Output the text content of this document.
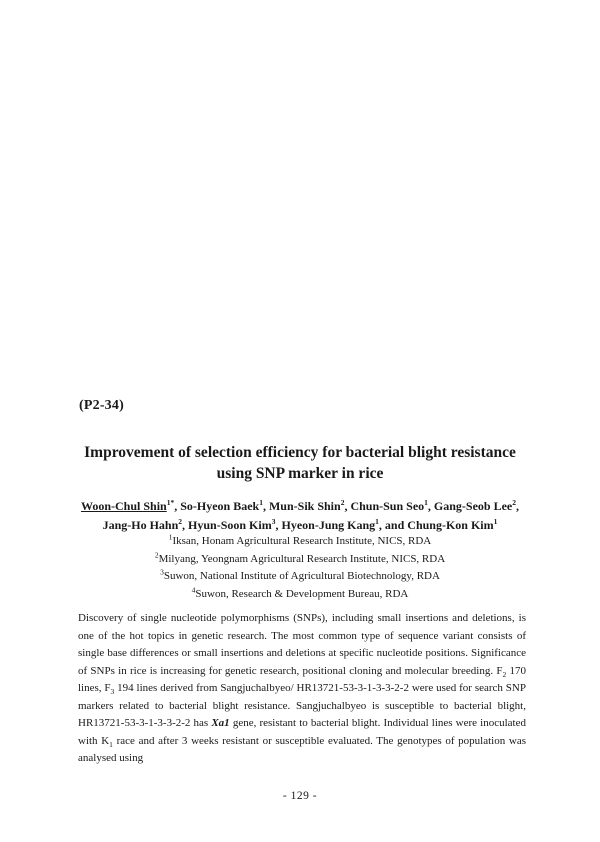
(P2-34)
Improvement of selection efficiency for bacterial blight resistance
using SNP marker in rice
Woon-Chul Shin$^{1*}$, So-Hyeon Baek$^1$, Mun-Sik Shin$^2$, Chun-Sun Seo$^1$, Gang-Seob Lee$^2$,
Jang-Ho Hahn$^2$, Hyun-Soon Kim$^3$, Hyeon-Jung Kang$^1$, and Chung-Kon Kim$^1$
$^1$Iksan, Honam Agricultural Research Institute, NICS, RDA
$^2$Milyang, Yeongnam Agricultural Research Institute, NICS, RDA
$^3$Suwon, National Institute of Agricultural Biotechnology, RDA
$^4$Suwon, Research & Development Bureau, RDA
Discovery of single nucleotide polymorphisms (SNPs), including small insertions and deletions, is one of the hot topics in genetic research. The most common type of sequence variant consists of single base differences or small insertions and deletions at specific nucleotide positions. Significance of SNPs in rice is increasing for genetic research, positional cloning and molecular breeding. $F_2$ 170 lines, $F_3$ 194 lines derived from Sangjuchalbyeo/ HR13721-53-3-1-3-3-2-2 were used for search SNP markers related to bacterial blight resistance. Sangjuchalbyeo is susceptible to bacterial blight, HR13721-53-3-1-3-3-2-2 has Xa1 gene, resistant to bacterial blight. Individual lines were inoculated with $K_1$ race and after 3 weeks resistant or susceptible evaluated. The genotypes of population was analysed using
- 129 -
